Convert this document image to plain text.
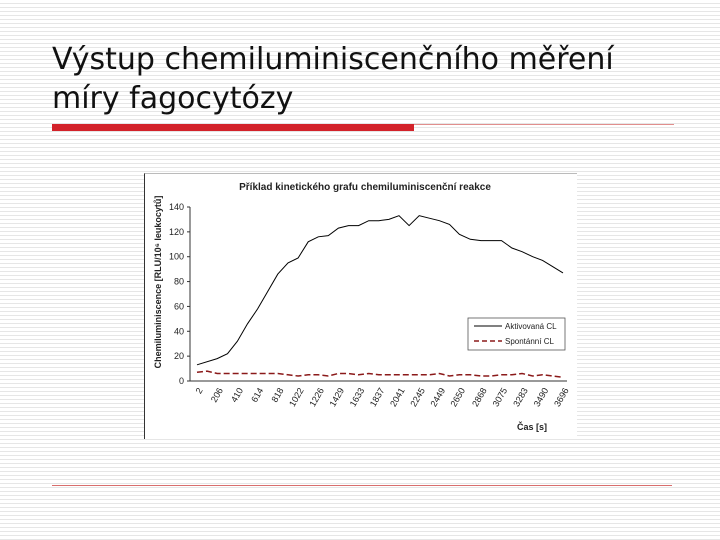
Výstup chemiluminiscenčního měření
míry fagocytózy
Příklad kinetického grafu chemiluminiscenční reakce
Chemiluminiscence [RLU/10⁶ leukocytů]
Čas [s]
0
20
40
60
80
100
120
140
2 206 410 614 818 1022 1226 1429 1633 1837 2041 2245 2449 2650 2868 3075 3283 3490 3696
Aktivovaná CL
Spontánní CL
